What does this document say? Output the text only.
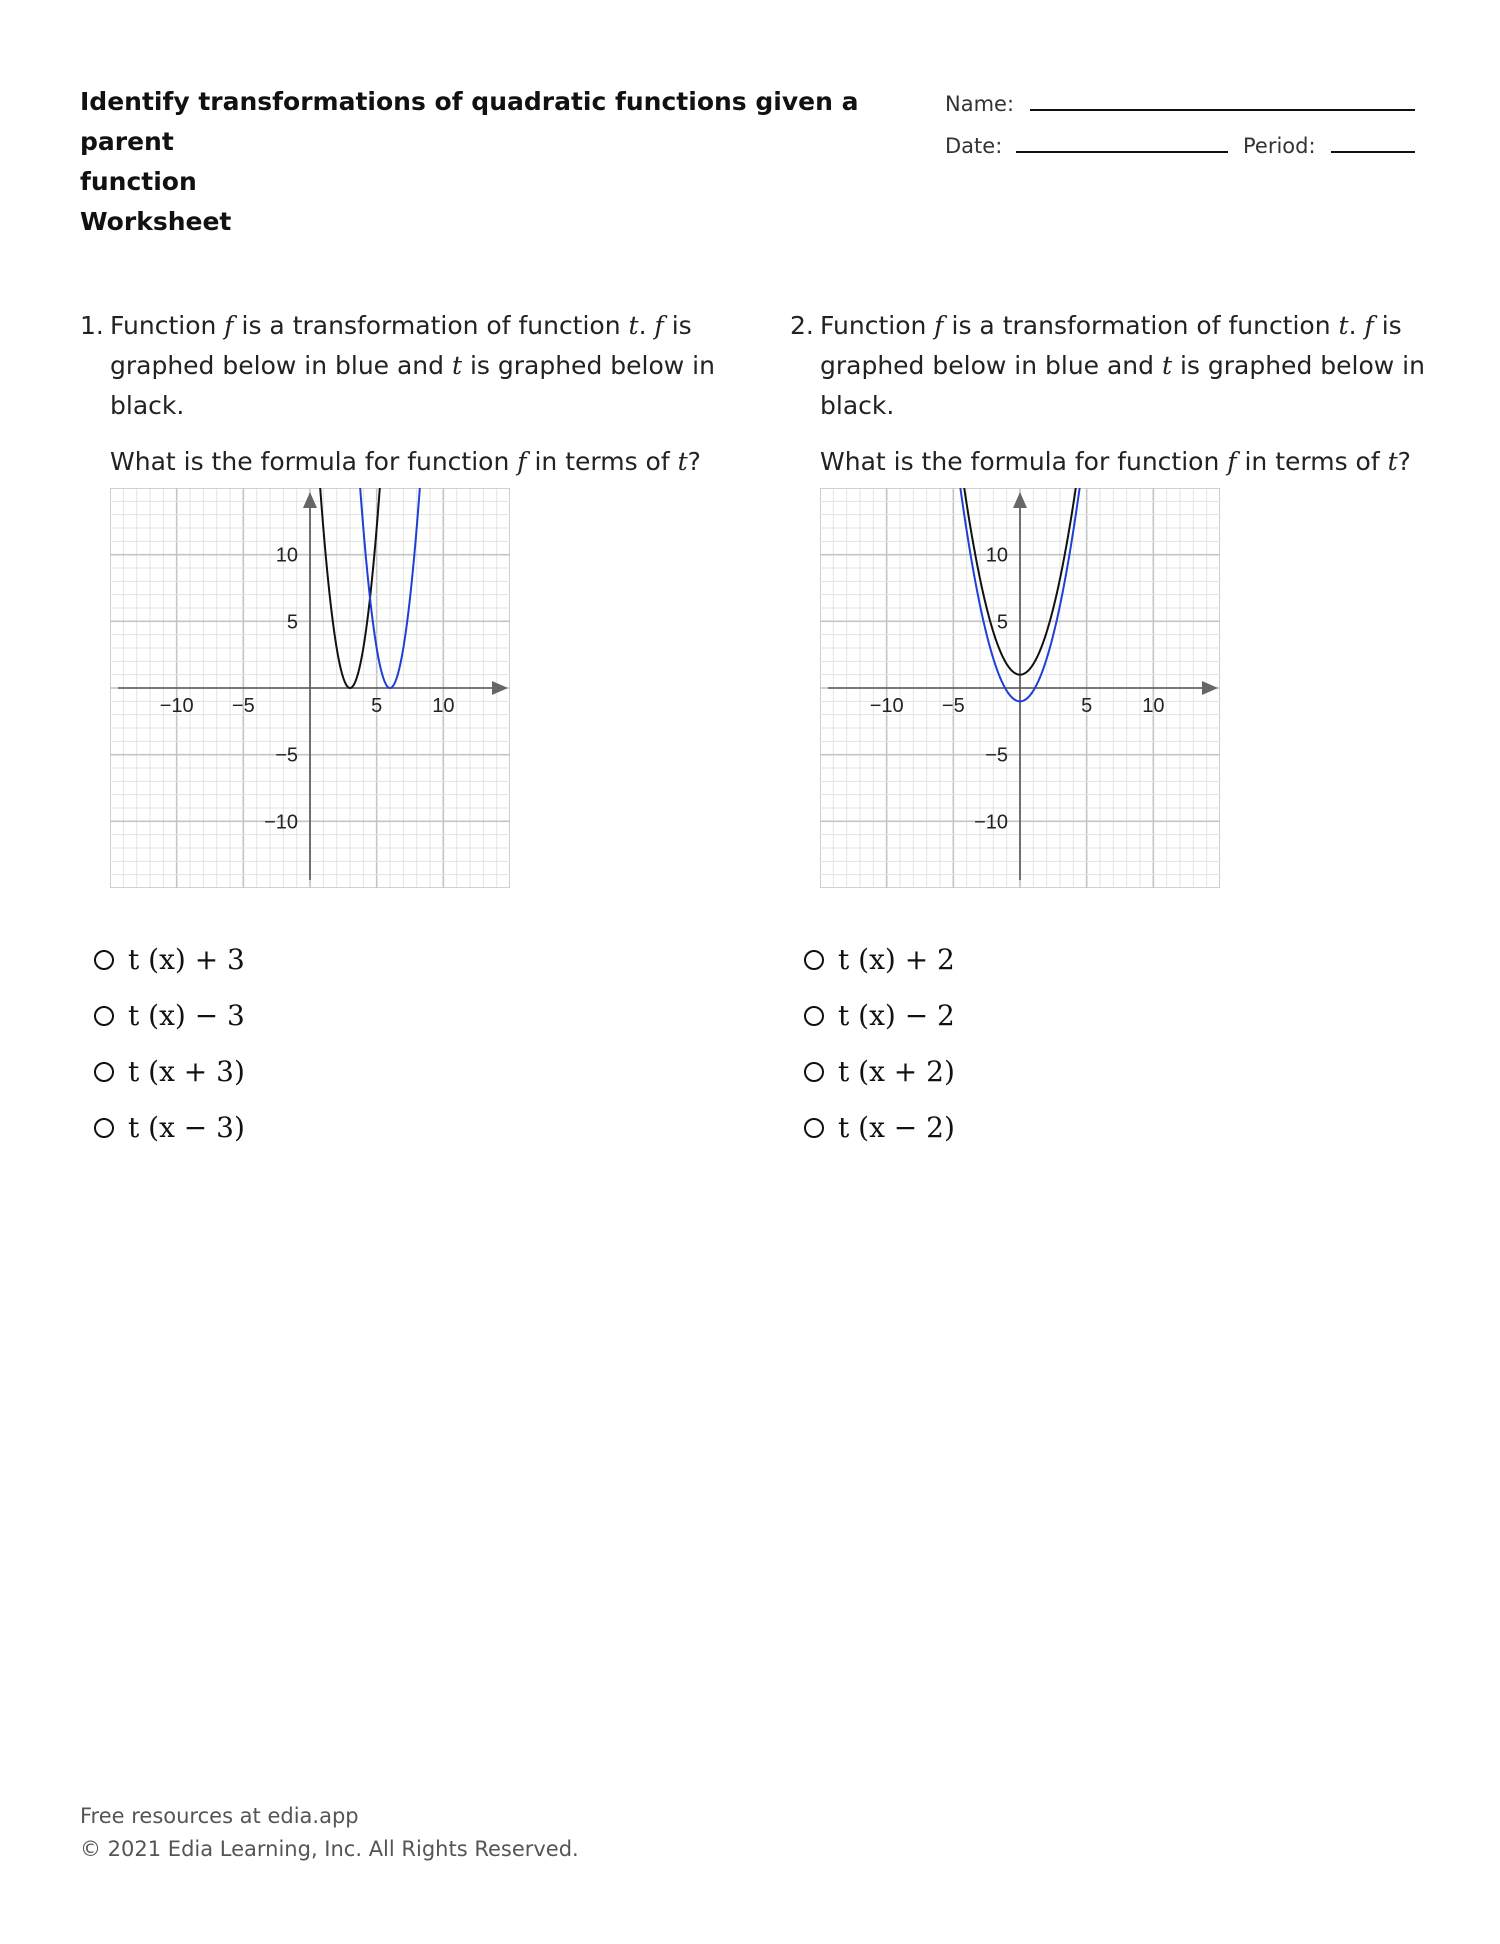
Identify transformations of quadratic functions given a parent
function
Worksheet
Name:
Date:	Period:
1. Function f is a transformation of function t. f is graphed below in blue and t is graphed below in black.
What is the formula for function f in terms of t?
−10 −5	5 10
10
5
−5
−10
t (x) + 3
t (x) − 3
t (x + 3)
t (x − 3)
2. Function f is a transformation of function t. f is graphed below in blue and t is graphed below in black.
What is the formula for function f in terms of t?
−10 −5	5 10
10
5
−5
−10
t (x) + 2
t (x) − 2
t (x + 2)
t (x − 2)
Free resources at edia.app
© 2021 Edia Learning, Inc. All Rights Reserved.
